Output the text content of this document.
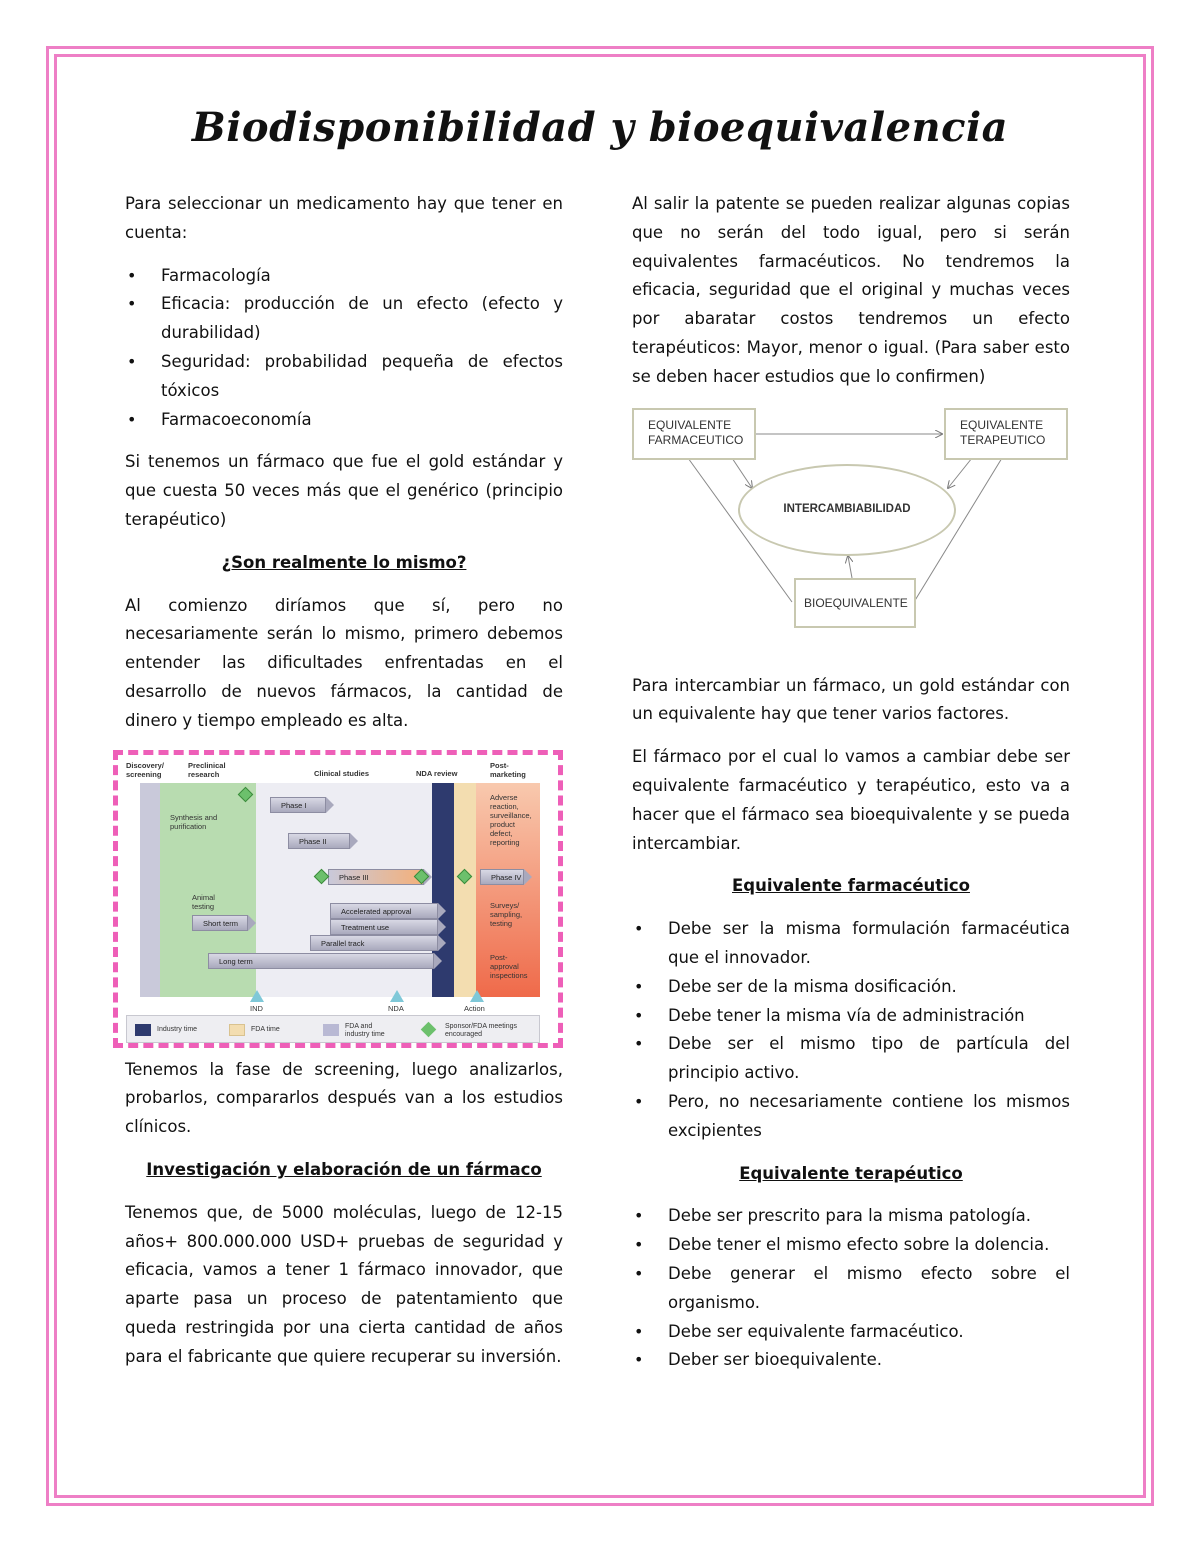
Biodisponibilidad y bioequivalencia

Para seleccionar un medicamento hay que tener en cuenta:

• Farmacología
• Eficacia: producción de un efecto (efecto y durabilidad)
• Seguridad: probabilidad pequeña de efectos tóxicos
• Farmacoeconomía

Si tenemos un fármaco que fue el gold estándar y que cuesta 50 veces más que el genérico (principio terapéutico)

¿Son realmente lo mismo?

Al comienzo diríamos que sí, pero no necesariamente serán lo mismo, primero debemos entender las dificultades enfrentadas en el desarrollo de nuevos fármacos, la cantidad de dinero y tiempo empleado es alta.

Discovery/ screening
Preclinical research	Clinical studies	NDA review
Post- marketing
Synthesis and purification
Animal testing
Adverse reaction, surveillance, product defect, reporting
Surveys/ sampling, testing
Post- approval inspections
Phase I
Phase II
Phase III	Phase IV
Short term
Accelerated approval
Treatment use
Parallel track
Long term
IND	NDA	Action
Industry time	FDA time	FDA and industry time
Sponsor/FDA meetings encouraged

Tenemos la fase de screening, luego analizarlos, probarlos, compararlos después van a los estudios clínicos.

Investigación y elaboración de un fármaco

Tenemos que, de 5000 moléculas, luego de 12-15 años+ 800.000.000 USD+ pruebas de seguridad y eficacia, vamos a tener 1 fármaco innovador, que aparte pasa un proceso de patentamiento que queda restringida por una cierta cantidad de años para el fabricante que quiere recuperar su inversión.

Al salir la patente se pueden realizar algunas copias que no serán del todo igual, pero si serán equivalentes farmacéuticos. No tendremos la eficacia, seguridad que el original y muchas veces por abaratar costos tendremos un efecto terapéuticos: Mayor, menor o igual. (Para saber esto se deben hacer estudios que lo confirmen)

EQUIVALENTE FARMACEUTICO
EQUIVALENTE TERAPEUTICO
INTERCAMBIABILIDAD
BIOEQUIVALENTE

Para intercambiar un fármaco, un gold estándar con un equivalente hay que tener varios factores.

El fármaco por el cual lo vamos a cambiar debe ser equivalente farmacéutico y terapéutico, esto va a hacer que el fármaco sea bioequivalente y se pueda intercambiar.

Equivalente farmacéutico
• Debe ser la misma formulación farmacéutica que el innovador.
• Debe ser de la misma dosificación.
• Debe tener la misma vía de administración
• Debe ser el mismo tipo de partícula del principio activo.
• Pero, no necesariamente contiene los mismos excipientes
Equivalente terapéutico
• Debe ser prescrito para la misma patología.
• Debe tener el mismo efecto sobre la dolencia.
• Debe generar el mismo efecto sobre el organismo.
• Debe ser equivalente farmacéutico.
• Deber ser bioequivalente.
